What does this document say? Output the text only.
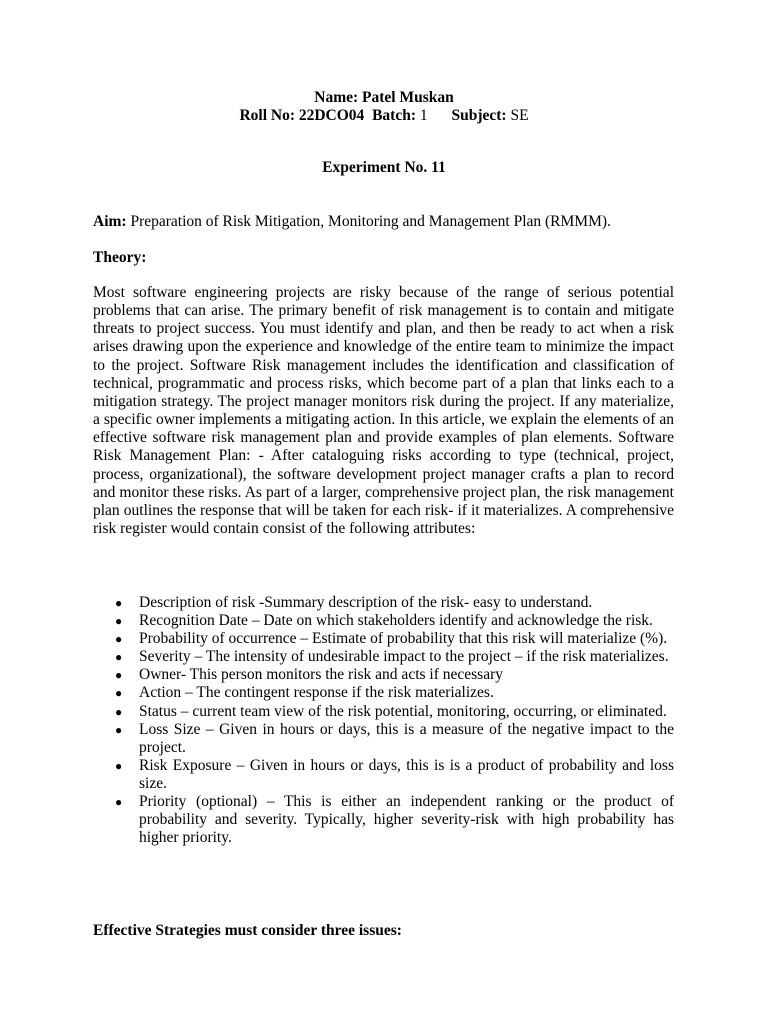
Name: Patel Muskan
Roll No: 22DCO04 Batch: 1 Subject: SE
Experiment No. 11
Aim: Preparation of Risk Mitigation, Monitoring and Management Plan (RMMM).
Theory:

Most software engineering projects are risky because of the range of serious potential problems that can arise. The primary benefit of risk management is to contain and mitigate threats to project success. You must identify and plan, and then be ready to act when a risk arises drawing upon the experience and knowledge of the entire team to minimize the impact to the project. Software Risk management includes the identification and classification of technical, programmatic and process risks, which become part of a plan that links each to a mitigation strategy. The project manager monitors risk during the project. If any materialize, a specific owner implements a mitigating action. In this article, we explain the elements of an effective software risk management plan and provide examples of plan elements. Software Risk Management Plan: - After cataloguing risks according to type (technical, project, process, organizational), the software development project manager crafts a plan to record and monitor these risks. As part of a larger, comprehensive project plan, the risk management plan outlines the response that will be taken for each risk- if it materializes. A comprehensive risk register would contain consist of the following attributes:

● Description of risk -Summary description of the risk- easy to understand.
● Recognition Date – Date on which stakeholders identify and acknowledge the risk.
● Probability of occurrence – Estimate of probability that this risk will materialize (%).
● Severity – The intensity of undesirable impact to the project – if the risk materializes.
● Owner- This person monitors the risk and acts if necessary
● Action – The contingent response if the risk materializes.
● Status – current team view of the risk potential, monitoring, occurring, or eliminated.
● Loss Size – Given in hours or days, this is a measure of the negative impact to the project.
● Risk Exposure – Given in hours or days, this is is a product of probability and loss size.
● Priority (optional) – This is either an independent ranking or the product of probability and severity. Typically, higher severity-risk with high probability has higher priority.
Effective Strategies must consider three issues:
